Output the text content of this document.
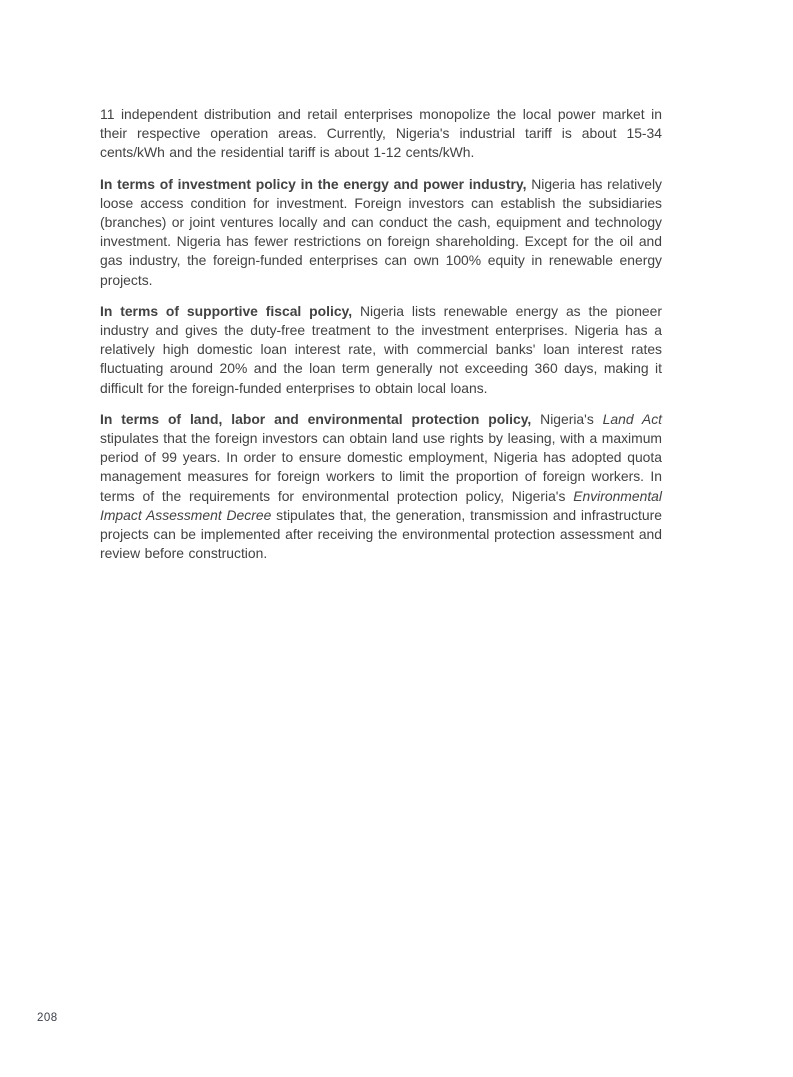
11 independent distribution and retail enterprises monopolize the local power market in their respective operation areas. Currently, Nigeria's industrial tariff is about 15-34 cents/kWh and the residential tariff is about 1-12 cents/kWh.

In terms of investment policy in the energy and power industry, Nigeria has relatively loose access condition for investment. Foreign investors can establish the subsidiaries (branches) or joint ventures locally and can conduct the cash, equipment and technology investment. Nigeria has fewer restrictions on foreign shareholding. Except for the oil and gas industry, the foreign-funded enterprises can own 100% equity in renewable energy projects.

In terms of supportive fiscal policy, Nigeria lists renewable energy as the pioneer industry and gives the duty-free treatment to the investment enterprises. Nigeria has a relatively high domestic loan interest rate, with commercial banks' loan interest rates fluctuating around 20% and the loan term generally not exceeding 360 days, making it difficult for the foreign-funded enterprises to obtain local loans.

In terms of land, labor and environmental protection policy, Nigeria's Land Act stipulates that the foreign investors can obtain land use rights by leasing, with a maximum period of 99 years. In order to ensure domestic employment, Nigeria has adopted quota management measures for foreign workers to limit the proportion of foreign workers. In terms of the requirements for environmental protection policy, Nigeria's Environmental Impact Assessment Decree stipulates that, the generation, transmission and infrastructure projects can be implemented after receiving the environmental protection assessment and review before construction.

208
